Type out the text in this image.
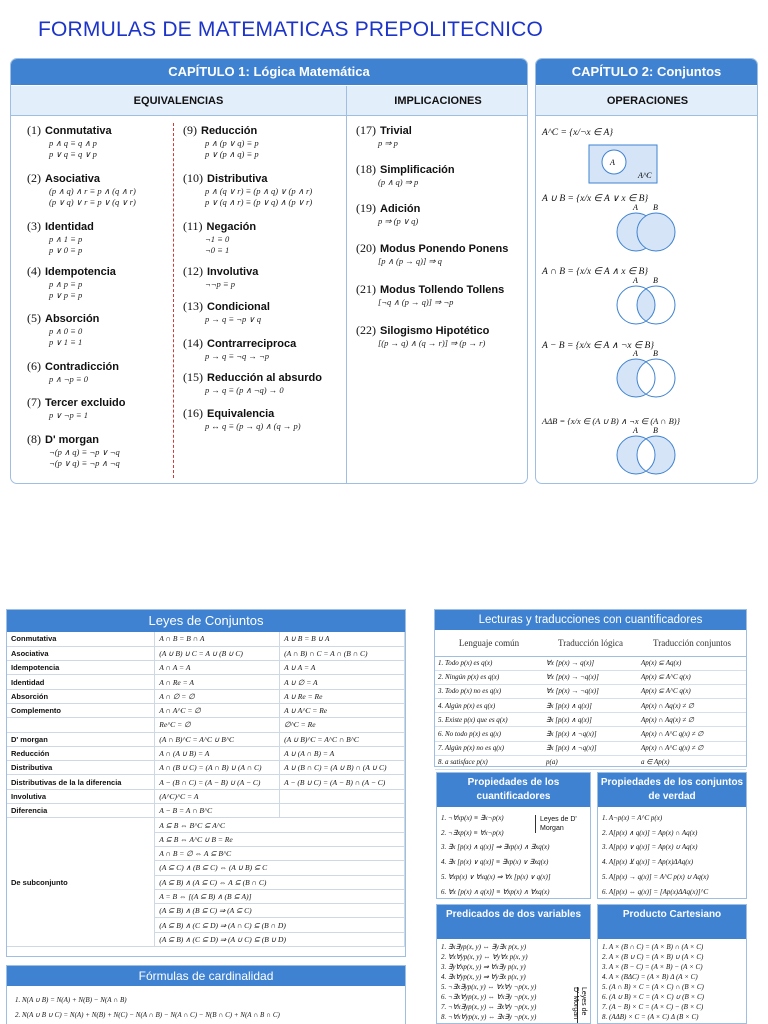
FORMULAS DE MATEMATICAS PREPOLITECNICO
CAPÍTULO 1: Lógica Matemática
EQUIVALENCIAS	IMPLICACIONES
(1) Conmutativa
p ∧ q ≡ q ∧ p
p ∨ q ≡ q ∨ p
(2) Asociativa
(p ∧ q) ∧ r ≡ p ∧ (q ∧ r)
(p ∨ q) ∨ r ≡ p ∨ (q ∨ r)
(3) Identidad
p ∧ 1 ≡ p
p ∨ 0 ≡ p
(4) Idempotencia
p ∧ p ≡ p
p ∨ p ≡ p
(5) Absorción
p ∧ 0 ≡ 0
p ∨ 1 ≡ 1
(6) Contradicción
p ∧ ¬p ≡ 0
(7) Tercer excluido
p ∨ ¬p ≡ 1
(8) D' morgan
¬(p ∧ q) ≡ ¬p ∨ ¬q
¬(p ∨ q) ≡ ¬p ∧ ¬q
(9) Reducción
p ∧ (p ∨ q) ≡ p
p ∨ (p ∧ q) ≡ p
(10) Distributiva
p ∧ (q ∨ r) ≡ (p ∧ q) ∨ (p ∧ r)
p ∨ (q ∧ r) ≡ (p ∨ q) ∧ (p ∨ r)
(11) Negación
¬1 ≡ 0
¬0 ≡ 1
(12) Involutiva
¬¬p ≡ p
(13) Condicional
p → q ≡ ¬p ∨ q
(14) Contrarreciproca
p → q ≡ ¬q → ¬p
(15) Reducción al absurdo
p → q ≡ (p ∧ ¬q) → 0
(16) Equivalencia
p ↔ q ≡ (p → q) ∧ (q → p)
(17) Trivial
p ⇒ p
(18) Simplificación
(p ∧ q) ⇒ p
(19) Adición
p ⇒ (p ∨ q)
(20) Modus Ponendo Ponens
[p ∧ (p → q)] ⇒ q
(21) Modus Tollendo Tollens
[¬q ∧ (p → q)] ⇒ ¬p
(22) Silogismo Hipotético
[(p → q) ∧ (q → r)] ⇒ (p → r)
CAPÍTULO 2: Conjuntos
OPERACIONES
A^C = {x/¬x ∈ A}
A
A^C
A ∪ B = {x/x ∈ A ∨ x ∈ B}
A B
A ∩ B = {x/x ∈ A ∧ x ∈ B}
A B
A − B = {x/x ∈ A ∧ ¬x ∈ B}
A B
AΔB = {x/x ∈ (A ∪ B) ∧ ¬x ∈ (A ∩ B)}
A B
Leyes de Conjuntos
Conmutativa	A ∩ B = B ∩ A	A ∪ B = B ∪ A
Asociativa	(A ∪ B) ∪ C = A ∪ (B ∪ C)	(A ∩ B) ∩ C = A ∩ (B ∩ C)
Idempotencia	A ∩ A = A	A ∪ A = A
Identidad	A ∩ Re = A	A ∪ ∅ = A
Absorción	A ∩ ∅ = ∅	A ∪ Re = Re
Complemento	A ∩ A^C = ∅	A ∪ A^C = Re
	Re^C = ∅	∅^C = Re
D' morgan	(A ∩ B)^C = A^C ∪ B^C	(A ∪ B)^C = A^C ∩ B^C
Reducción	A ∩ (A ∪ B) = A	A ∪ (A ∩ B) = A
Distributiva	A ∩ (B ∪ C) = (A ∩ B) ∪ (A ∩ C)	A ∪ (B ∩ C) = (A ∪ B) ∩ (A ∪ C)
Distributivas de la la diferencia	A − (B ∩ C) = (A − B) ∪ (A − C)	A − (B ∪ C) = (A − B) ∩ (A − C)
Involutiva	(A^C)^C = A	
Diferencia	A − B = A ∩ B^C	
De subconjunto	A ⊆ B ⇔ B^C ⊆ A^C	
	A ⊆ B ⇔ A^C ∪ B = Re	
	A ∩ B = ∅ ⇔ A ⊆ B^C	
	(A ⊆ C) ∧ (B ⊆ C) ⇔ (A ∪ B) ⊆ C	
	(A ⊆ B) ∧ (A ⊆ C) ⇔ A ⊆ (B ∩ C)	
	A = B ⇔ [(A ⊆ B) ∧ (B ⊆ A)]	
	(A ⊆ B) ∧ (B ⊆ C) ⇒ (A ⊆ C)	
	(A ⊆ B) ∧ (C ⊆ D) ⇒ (A ∩ C) ⊆ (B ∩ D)	
	(A ⊆ B) ∧ (C ⊆ D) ⇒ (A ∪ C) ⊆ (B ∪ D)	
Fórmulas de cardinalidad
1. N(A ∪ B) = N(A) + N(B) − N(A ∩ B)
2. N(A ∪ B ∪ C) = N(A) + N(B) + N(C) − N(A ∩ B) − N(A ∩ C) − N(B ∩ C) + N(A ∩ B ∩ C)
Lecturas y traducciones con cuantificadores
Lenguaje común	Traducción lógica	Traducción conjuntos
1. Todo p(x) es q(x)	∀x [p(x) → q(x)]	Ap(x) ⊆ Aq(x)
2. Ningún p(x) es q(x)	∀x [p(x) → ¬q(x)]	Ap(x) ⊆ A^C q(x)
3. Todo p(x) no es q(x)	∀x [p(x) → ¬q(x)]	Ap(x) ⊆ A^C q(x)
4. Algún p(x) es q(x)	∃x [p(x) ∧ q(x)]	Ap(x) ∩ Aq(x) ≠ ∅
5. Existe p(x) que es q(x)	∃x [p(x) ∧ q(x)]	Ap(x) ∩ Aq(x) ≠ ∅
6. No todo p(x) es q(x)	∃x [p(x) ∧ ¬q(x)]	Ap(x) ∩ A^C q(x) ≠ ∅
7. Algún p(x) no es q(x)	∃x [p(x) ∧ ¬q(x)]	Ap(x) ∩ A^C q(x) ≠ ∅
8. a satisface p(x)	p(a)	a ∈ Ap(x)
Propiedades de los cuantificadores
1. ¬∀xp(x) ≡ ∃x¬p(x)
2. ¬∃xp(x) ≡ ∀x¬p(x)
3. ∃x [p(x) ∧ q(x)] ⇒ ∃xp(x) ∧ ∃xq(x)
4. ∃x [p(x) ∨ q(x)] ≡ ∃xp(x) ∨ ∃xq(x)
5. ∀xp(x) ∨ ∀xq(x) ⇒ ∀x [p(x) ∨ q(x)]
6. ∀x [p(x) ∧ q(x)] ≡ ∀xp(x) ∧ ∀xq(x)
Leyes de D' Morgan
Propiedades de los conjuntos de verdad
1. A¬p(x) = A^C p(x)
2. A[p(x) ∧ q(x)] = Ap(x) ∩ Aq(x)
3. A[p(x) ∨ q(x)] = Ap(x) ∪ Aq(x)
4. A[p(x) ⊻ q(x)] = Ap(x)ΔAq(x)
5. A[p(x) → q(x)] = A^C p(x) ∪ Aq(x)
6. A[p(x) ⇔ q(x)] = [Ap(x)ΔAq(x)]^C
Predicados de dos variables
1. ∃x∃yp(x, y) ⇔ ∃y∃x p(x, y)
2. ∀x∀yp(x, y) ⇔ ∀y∀x p(x, y)
3. ∃y∀xp(x, y) ⇒ ∀x∃y p(x, y)
4. ∃x∀yp(x, y) ⇒ ∀y∃x p(x, y)
5. ¬∃x∃yp(x, y) ⇔ ∀x∀y ¬p(x, y)
6. ¬∃x∀yp(x, y) ⇔ ∀x∃y ¬p(x, y)
7. ¬∀x∃yp(x, y) ⇔ ∃x∀y ¬p(x, y)
8. ¬∀x∀yp(x, y) ⇔ ∃x∃y ¬p(x, y)
Leyes de D' Morgan
Producto Cartesiano
1. A × (B ∩ C) = (A × B) ∩ (A × C)
2. A × (B ∪ C) = (A × B) ∪ (A × C)
3. A × (B − C) = (A × B) − (A × C)
4. A × (BΔC) = (A × B) Δ (A × C)
5. (A ∩ B) × C = (A × C) ∩ (B × C)
6. (A ∪ B) × C = (A × C) ∪ (B × C)
7. (A − B) × C = (A × C) − (B × C)
8. (AΔB) × C = (A × C) Δ (B × C)
